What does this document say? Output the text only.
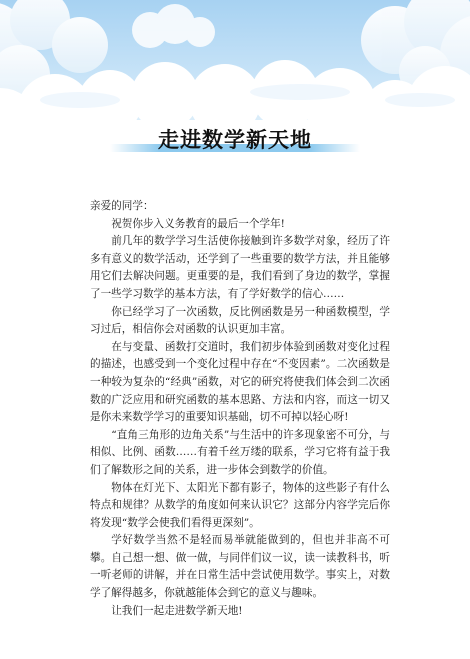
走进数学新天地

亲爱的同学：

祝贺你步入义务教育的最后一个学年!

前几年的数学学习生活使你接触到许多数学对象，经历了许多有意义的数学活动，还学到了一些重要的数学方法，并且能够用它们去解决问题。更重要的是，我们看到了身边的数学，掌握了一些学习数学的基本方法，有了学好数学的信心……

你已经学习了一次函数，反比例函数是另一种函数模型，学习过后，相信你会对函数的认识更加丰富。

在与变量、函数打交道时，我们初步体验到函数对变化过程的描述，也感受到一个变化过程中存在“不变因素”。二次函数是一种较为复杂的“经典”函数，对它的研究将使我们体会到二次函数的广泛应用和研究函数的基本思路、方法和内容，而这一切又是你未来数学学习的重要知识基础，切不可掉以轻心呀!

“直角三角形的边角关系”与生活中的许多现象密不可分，与相似、比例、函数……有着千丝万缕的联系，学习它将有益于我们了解数形之间的关系，进一步体会到数学的价值。

物体在灯光下、太阳光下都有影子，物体的这些影子有什么特点和规律？从数学的角度如何来认识它？这部分内容学完后你将发现“数学会使我们看得更深刻”。

学好数学当然不是轻而易举就能做到的，但也并非高不可攀。自己想一想、做一做，与同伴们议一议，读一读教科书，听一听老师的讲解，并在日常生活中尝试使用数学。事实上，对数学了解得越多，你就越能体会到它的意义与趣味。

让我们一起走进数学新天地!
